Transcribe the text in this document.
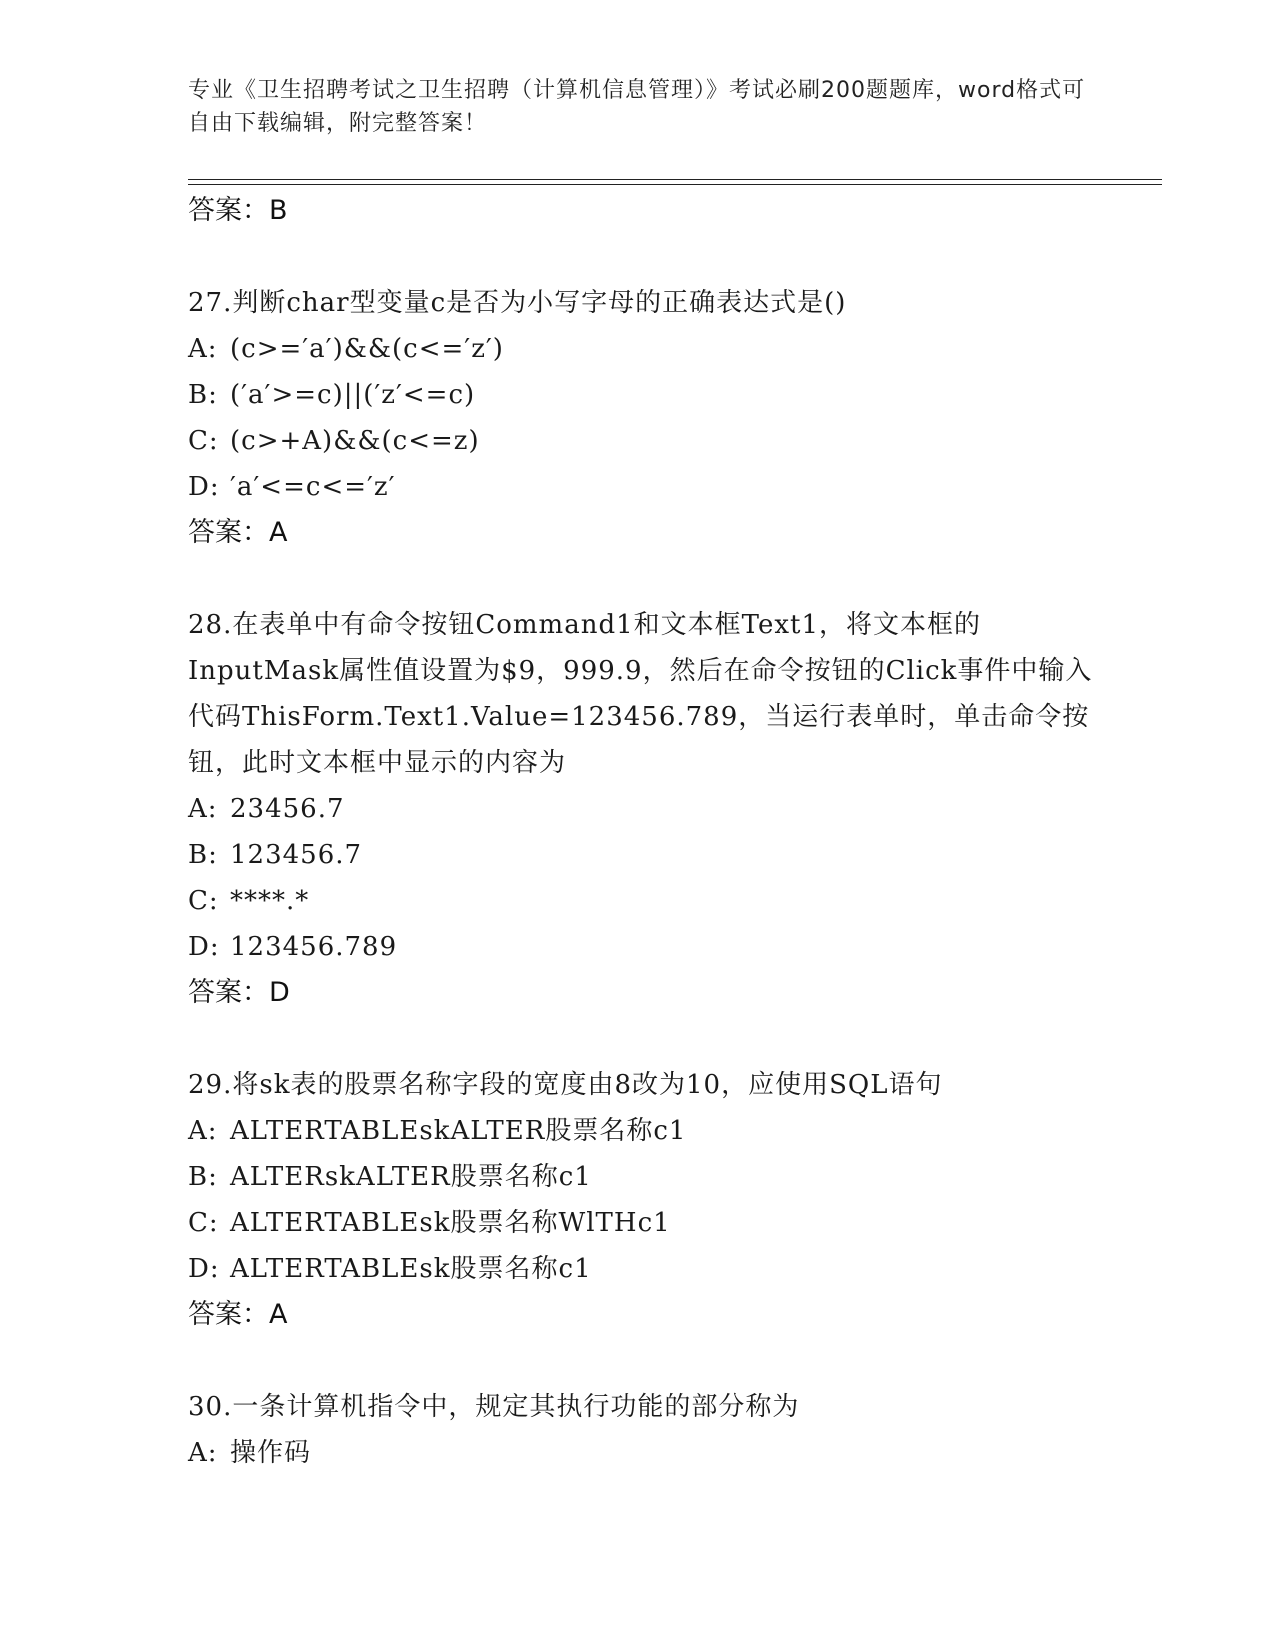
专业《卫生招聘考试之卫生招聘（计算机信息管理）》考试必刷200题题库，word格式可自由下载编辑，附完整答案！
答案：B
27.判断char型变量c是否为小写字母的正确表达式是()
A: (c>=′a′)&&(c<=′z′)
B: (′a′>=c)||(′z′<=c)
C: (c>+A)&&(c<=z)
D: ′a′<=c<=′z′
答案：A
28.在表单中有命令按钮Command1和文本框Text1，将文本框的InputMask属性值设置为$9，999.9，然后在命令按钮的Click事件中输入代码ThisForm.Text1.Value=123456.789，当运行表单时，单击命令按钮，此时文本框中显示的内容为
A: 23456.7
B: 123456.7
C: ****.*
D: 123456.789
答案：D
29.将sk表的股票名称字段的宽度由8改为10，应使用SQL语句
A: ALTERTABLEskALTER股票名称c1
B: ALTERskALTER股票名称c1
C: ALTERTABLEsk股票名称WlTHc1
D: ALTERTABLEsk股票名称c1
答案：A
30.一条计算机指令中，规定其执行功能的部分称为
A: 操作码
